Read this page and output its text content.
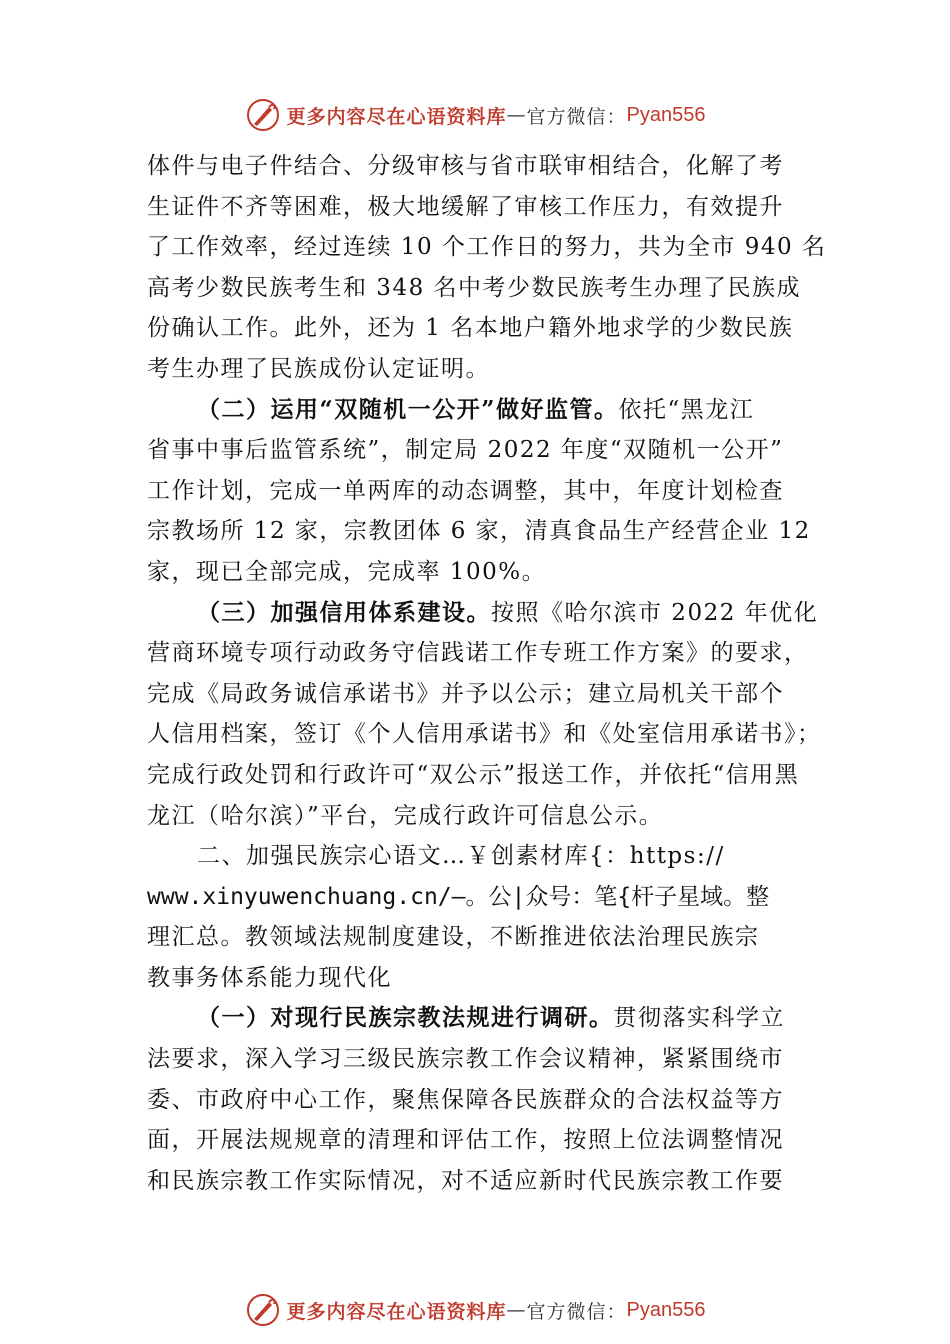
更多内容尽在心语资料库 — 官方微信： Pyan556
体件与电子件结合、分级审核与省市联审相结合，化解了考
生证件不齐等困难，极大地缓解了审核工作压力，有效提升
了工作效率，经过连续 10 个工作日的努力，共为全市 940 名
高考少数民族考生和 348 名中考少数民族考生办理了民族成
份确认工作。此外，还为 1 名本地户籍外地求学的少数民族
考生办理了民族成份认定证明。
（二）运用“双随机一公开”做好监管。依托“黑龙江
省事中事后监管系统”，制定局 2022 年度“双随机一公开”
工作计划，完成一单两库的动态调整，其中，年度计划检查
宗教场所 12 家，宗教团体 6 家，清真食品生产经营企业 12
家，现已全部完成，完成率 100%。
（三）加强信用体系建设。按照《哈尔滨市 2022 年优化
营商环境专项行动政务守信践诺工作专班工作方案》的要求，
完成《局政务诚信承诺书》并予以公示；建立局机关干部个
人信用档案，签订《个人信用承诺书》和《处室信用承诺书》；
完成行政处罚和行政许可“双公示”报送工作，并依托“信用黑
龙江（哈尔滨）”平台，完成行政许可信息公示。
二、加强民族宗心语文…￥创素材库{：https://
www.xinyuwenchuang.cn/—。公|众号：笔{杆子星域。整
理汇总。教领域法规制度建设，不断推进依法治理民族宗
教事务体系能力现代化
（一）对现行民族宗教法规进行调研。贯彻落实科学立
法要求，深入学习三级民族宗教工作会议精神，紧紧围绕市
委、市政府中心工作，聚焦保障各民族群众的合法权益等方
面，开展法规规章的清理和评估工作，按照上位法调整情况
和民族宗教工作实际情况，对不适应新时代民族宗教工作要
更多内容尽在心语资料库 — 官方微信： Pyan556
